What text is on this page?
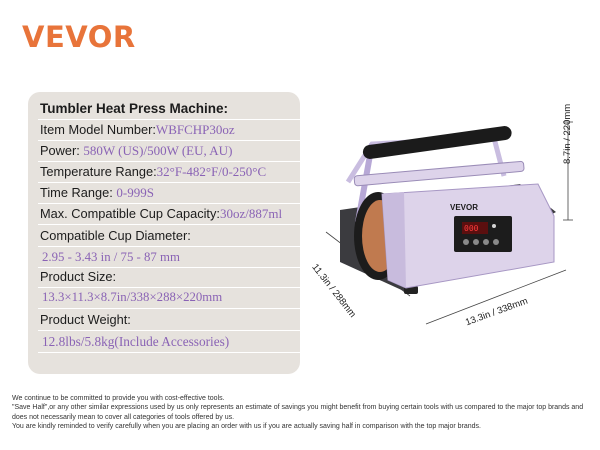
VEVOR
Tumbler Heat Press Machine:
Item Model Number:WBFCHP30oz
Power: 580W (US)/500W (EU, AU)
Temperature Range:32°F-482°F/0-250°C
Time Range: 0-999S
Max. Compatible Cup Capacity:30oz/887ml
Compatible Cup Diameter:
2.95 - 3.43 in / 75 - 87 mm
Product Size:
13.3×11.3×8.7in/338×288×220mm
Product Weight:
12.8lbs/5.8kg(Include Accessories)
VEVOR
000
8.7in / 220mm
11.3in / 288mm	13.3in / 338mm

We continue to be committed to provide you with cost-effective tools.

"Save Half",or any other similar expressions used by us only represents an estimate of savings you might benefit from buying certain tools with us compared to the major top brands and does not necessarily mean to cover all categories of tools offered by us.

You are kindly reminded to verify carefully when you are placing an order with us if you are actually saving half in comparison with the top major brands.
